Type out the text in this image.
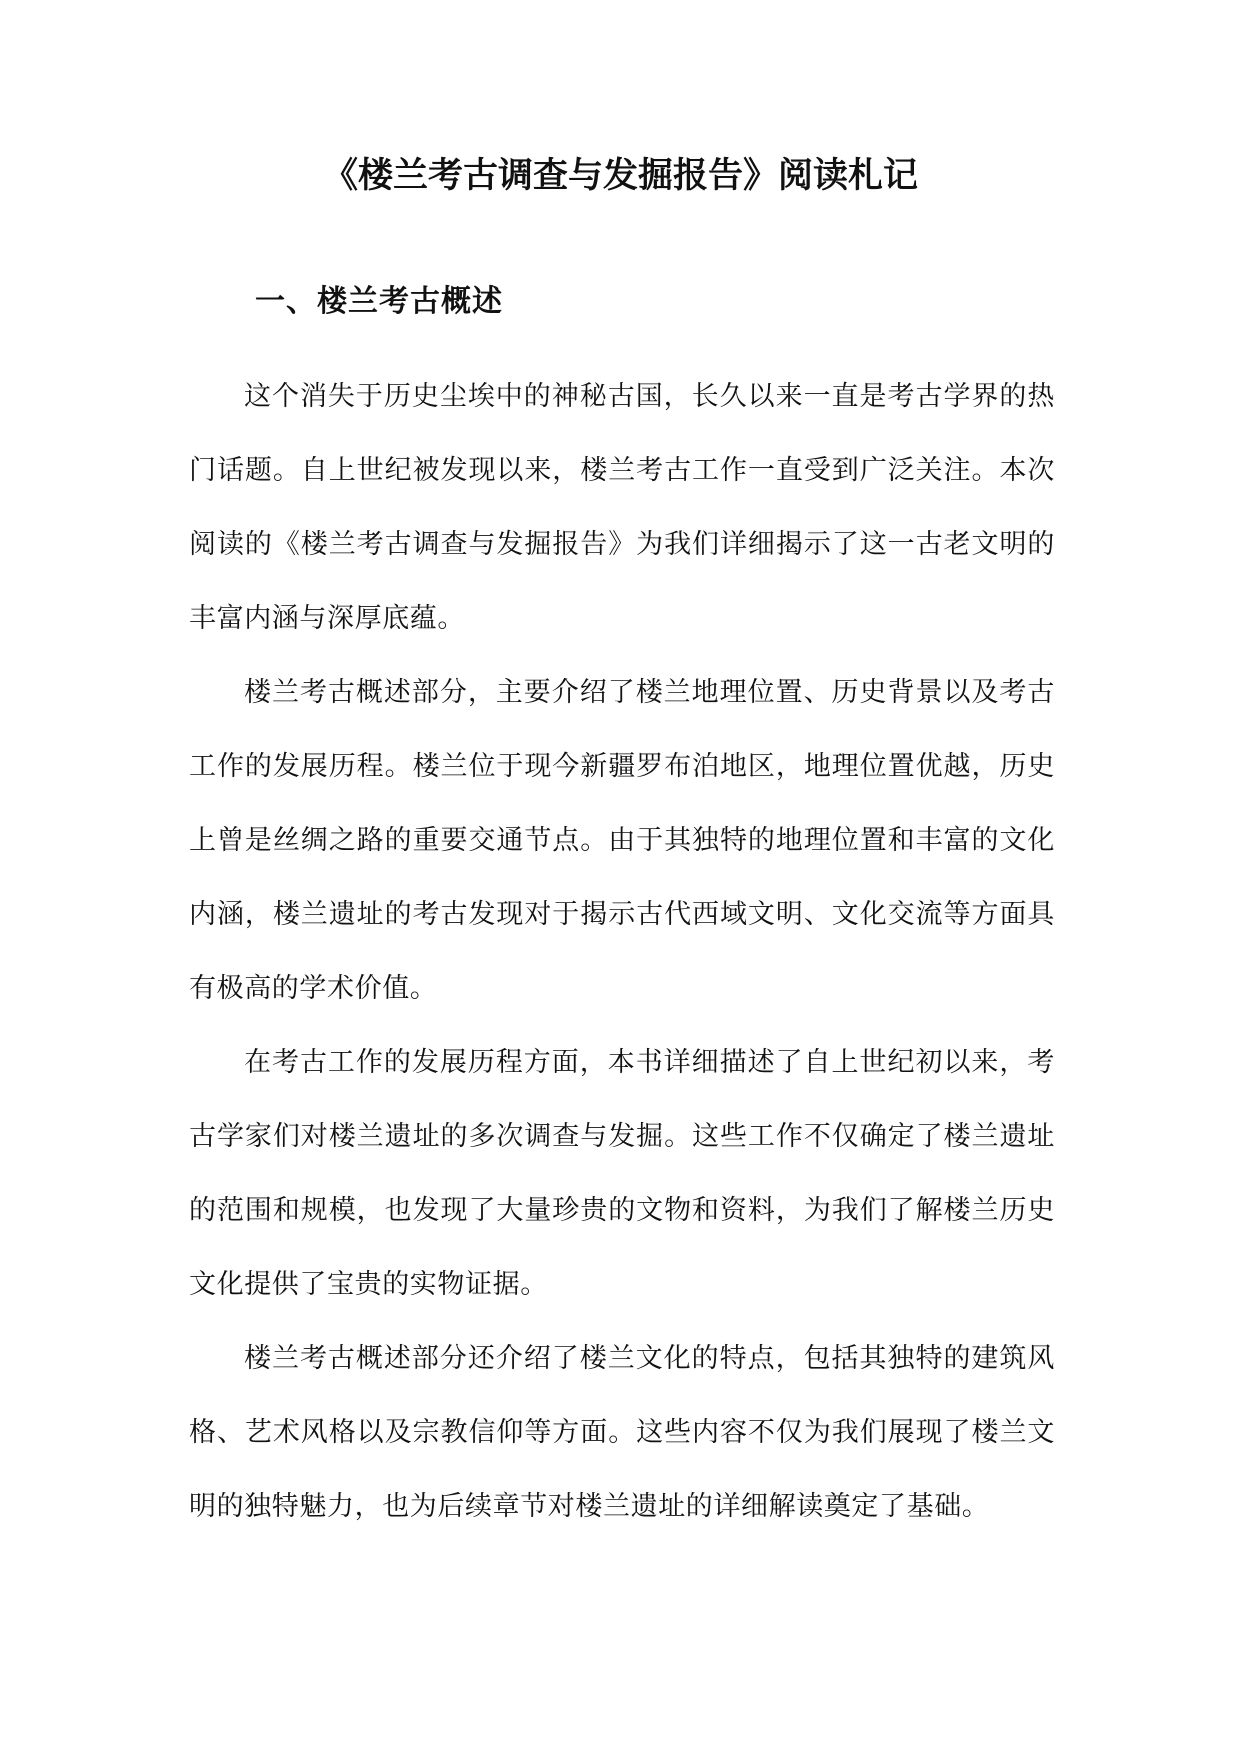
《楼兰考古调查与发掘报告》阅读札记
一、楼兰考古概述

这个消失于历史尘埃中的神秘古国，长久以来一直是考古学界的热门话题。自上世纪被发现以来，楼兰考古工作一直受到广泛关注。本次阅读的《楼兰考古调查与发掘报告》为我们详细揭示了这一古老文明的丰富内涵与深厚底蕴。

楼兰考古概述部分，主要介绍了楼兰地理位置、历史背景以及考古工作的发展历程。楼兰位于现今新疆罗布泊地区，地理位置优越，历史上曾是丝绸之路的重要交通节点。由于其独特的地理位置和丰富的文化内涵，楼兰遗址的考古发现对于揭示古代西域文明、文化交流等方面具有极高的学术价值。

在考古工作的发展历程方面，本书详细描述了自上世纪初以来，考古学家们对楼兰遗址的多次调查与发掘。这些工作不仅确定了楼兰遗址的范围和规模，也发现了大量珍贵的文物和资料，为我们了解楼兰历史文化提供了宝贵的实物证据。

楼兰考古概述部分还介绍了楼兰文化的特点，包括其独特的建筑风格、艺术风格以及宗教信仰等方面。这些内容不仅为我们展现了楼兰文明的独特魅力，也为后续章节对楼兰遗址的详细解读奠定了基础。
